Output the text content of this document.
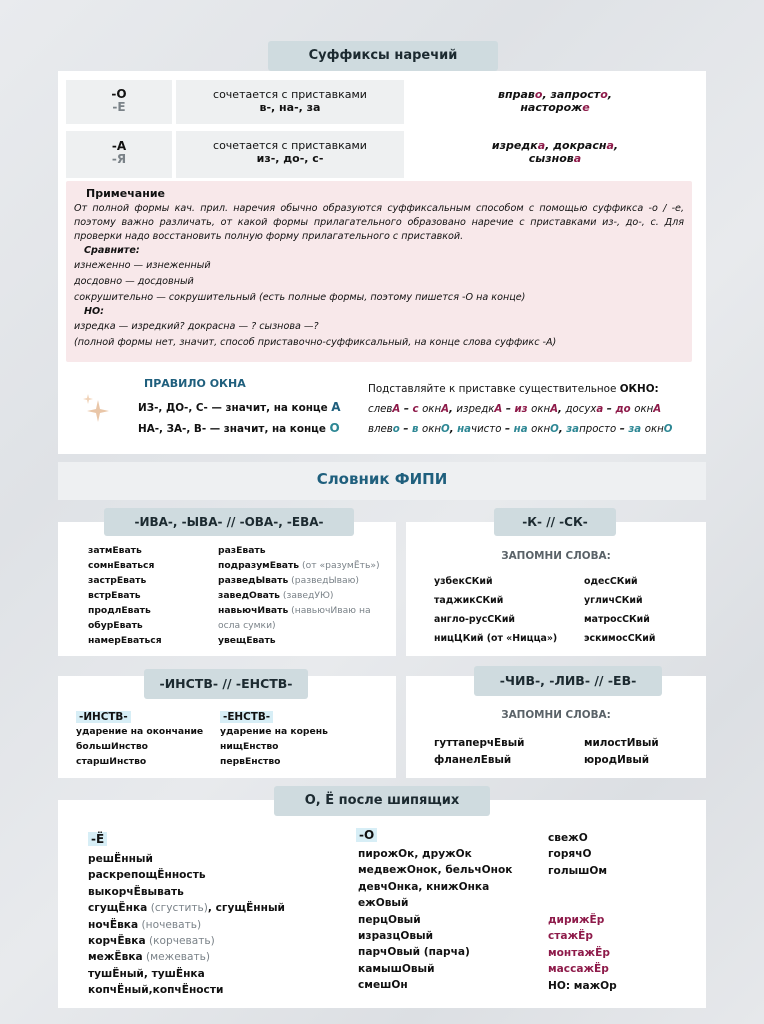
Суффиксы наречий
-О
-Е
сочетается с приставками
в-, на-, за
вправо, запросто,
настороже
-А
-Я
сочетается с приставками
из-, до-, с-
изредка, докрасна,
сызнова
Примечание

От полной формы кач. прил. наречия обычно образуются суффиксальным способом с помощью суффикса -о / -е, поэтому важно различать, от какой формы прилагательного образовано наречие с приставками из-, до-, с. Для проверки надо восстановить полную форму прилагательного с приставкой.

Сравните:

изнеженно — изнеженный

досдовно — досдовный

сокрушительно — сокрушительный (есть полные формы, поэтому пишется -О на конце)

НО:

изредка — изредкий? докрасна — ? сызнова —?

(полной формы нет, значит, способ приставочно-суффиксальный, на конце слова суффикс -А)

ПРАВИЛО ОКНА
ИЗ-, ДО-, С- — значит, на конце А
НА-, ЗА-, В- — значит, на конце О
Подставляйте к приставке существительное ОКНО:
слевА – с окнА, изредкА – из окнА, досуха – до окнА
влево – в окнО, начисто – на окнО, запросто – за окнО
Словник ФИПИ
-ИВА-, -ЫВА- // -ОВА-, -ЕВА-
затмЕвать
сомнЕваться
застрЕвать
встрЕвать
продлЕвать
обурЕвать
намерЕваться
разЕвать
подразумЕвать (от «разумЁть»)
разведЫвать (разведЫваю)
заведОвать (заведУЮ)
навьючИвать (навьючИваю на
осла сумки)
увещЕвать
-К- // -СК-
ЗАПОМНИ СЛОВА:
узбекСКий
таджикСКий
англо-русСКий
ницЦКий (от «Ницца»)
одесСКий
угличСКий
матросСКий
эскимосСКий
-ИНСТВ- // -ЕНСТВ-
-ИНСТВ-
ударение на окончание
большИнство
старшИнство
-ЕНСТВ-
ударение на корень
нищЕнство
первЕнство
-ЧИВ-, -ЛИВ- // -ЕВ-
ЗАПОМНИ СЛОВА:
гуттаперчЕвый
фланелЕвый
милостИвый
юродИвый
О, Ё после шипящих
-Ё
решЁнный
раскрепощЁнность
выкорчЁвывать
сгущЁнка (сгустить), сгущЁнный
ночЁвка (ночевать)
корчЁвка (корчевать)
межЁвка (межевать)
тушЁный, тушЁнка
копчЁный,копчЁности
-О
пирожОк, дружОк
медвежОнок, бельчОнок
девчОнка, книжОнка
ежОвый
перцОвый
изразцОвый
парчОвый (парча)
камышОвый
смешОн
свежО
горячО
голышОм
дирижЁр
стажЁр
монтажЁр
массажЁр
НО: мажОр
